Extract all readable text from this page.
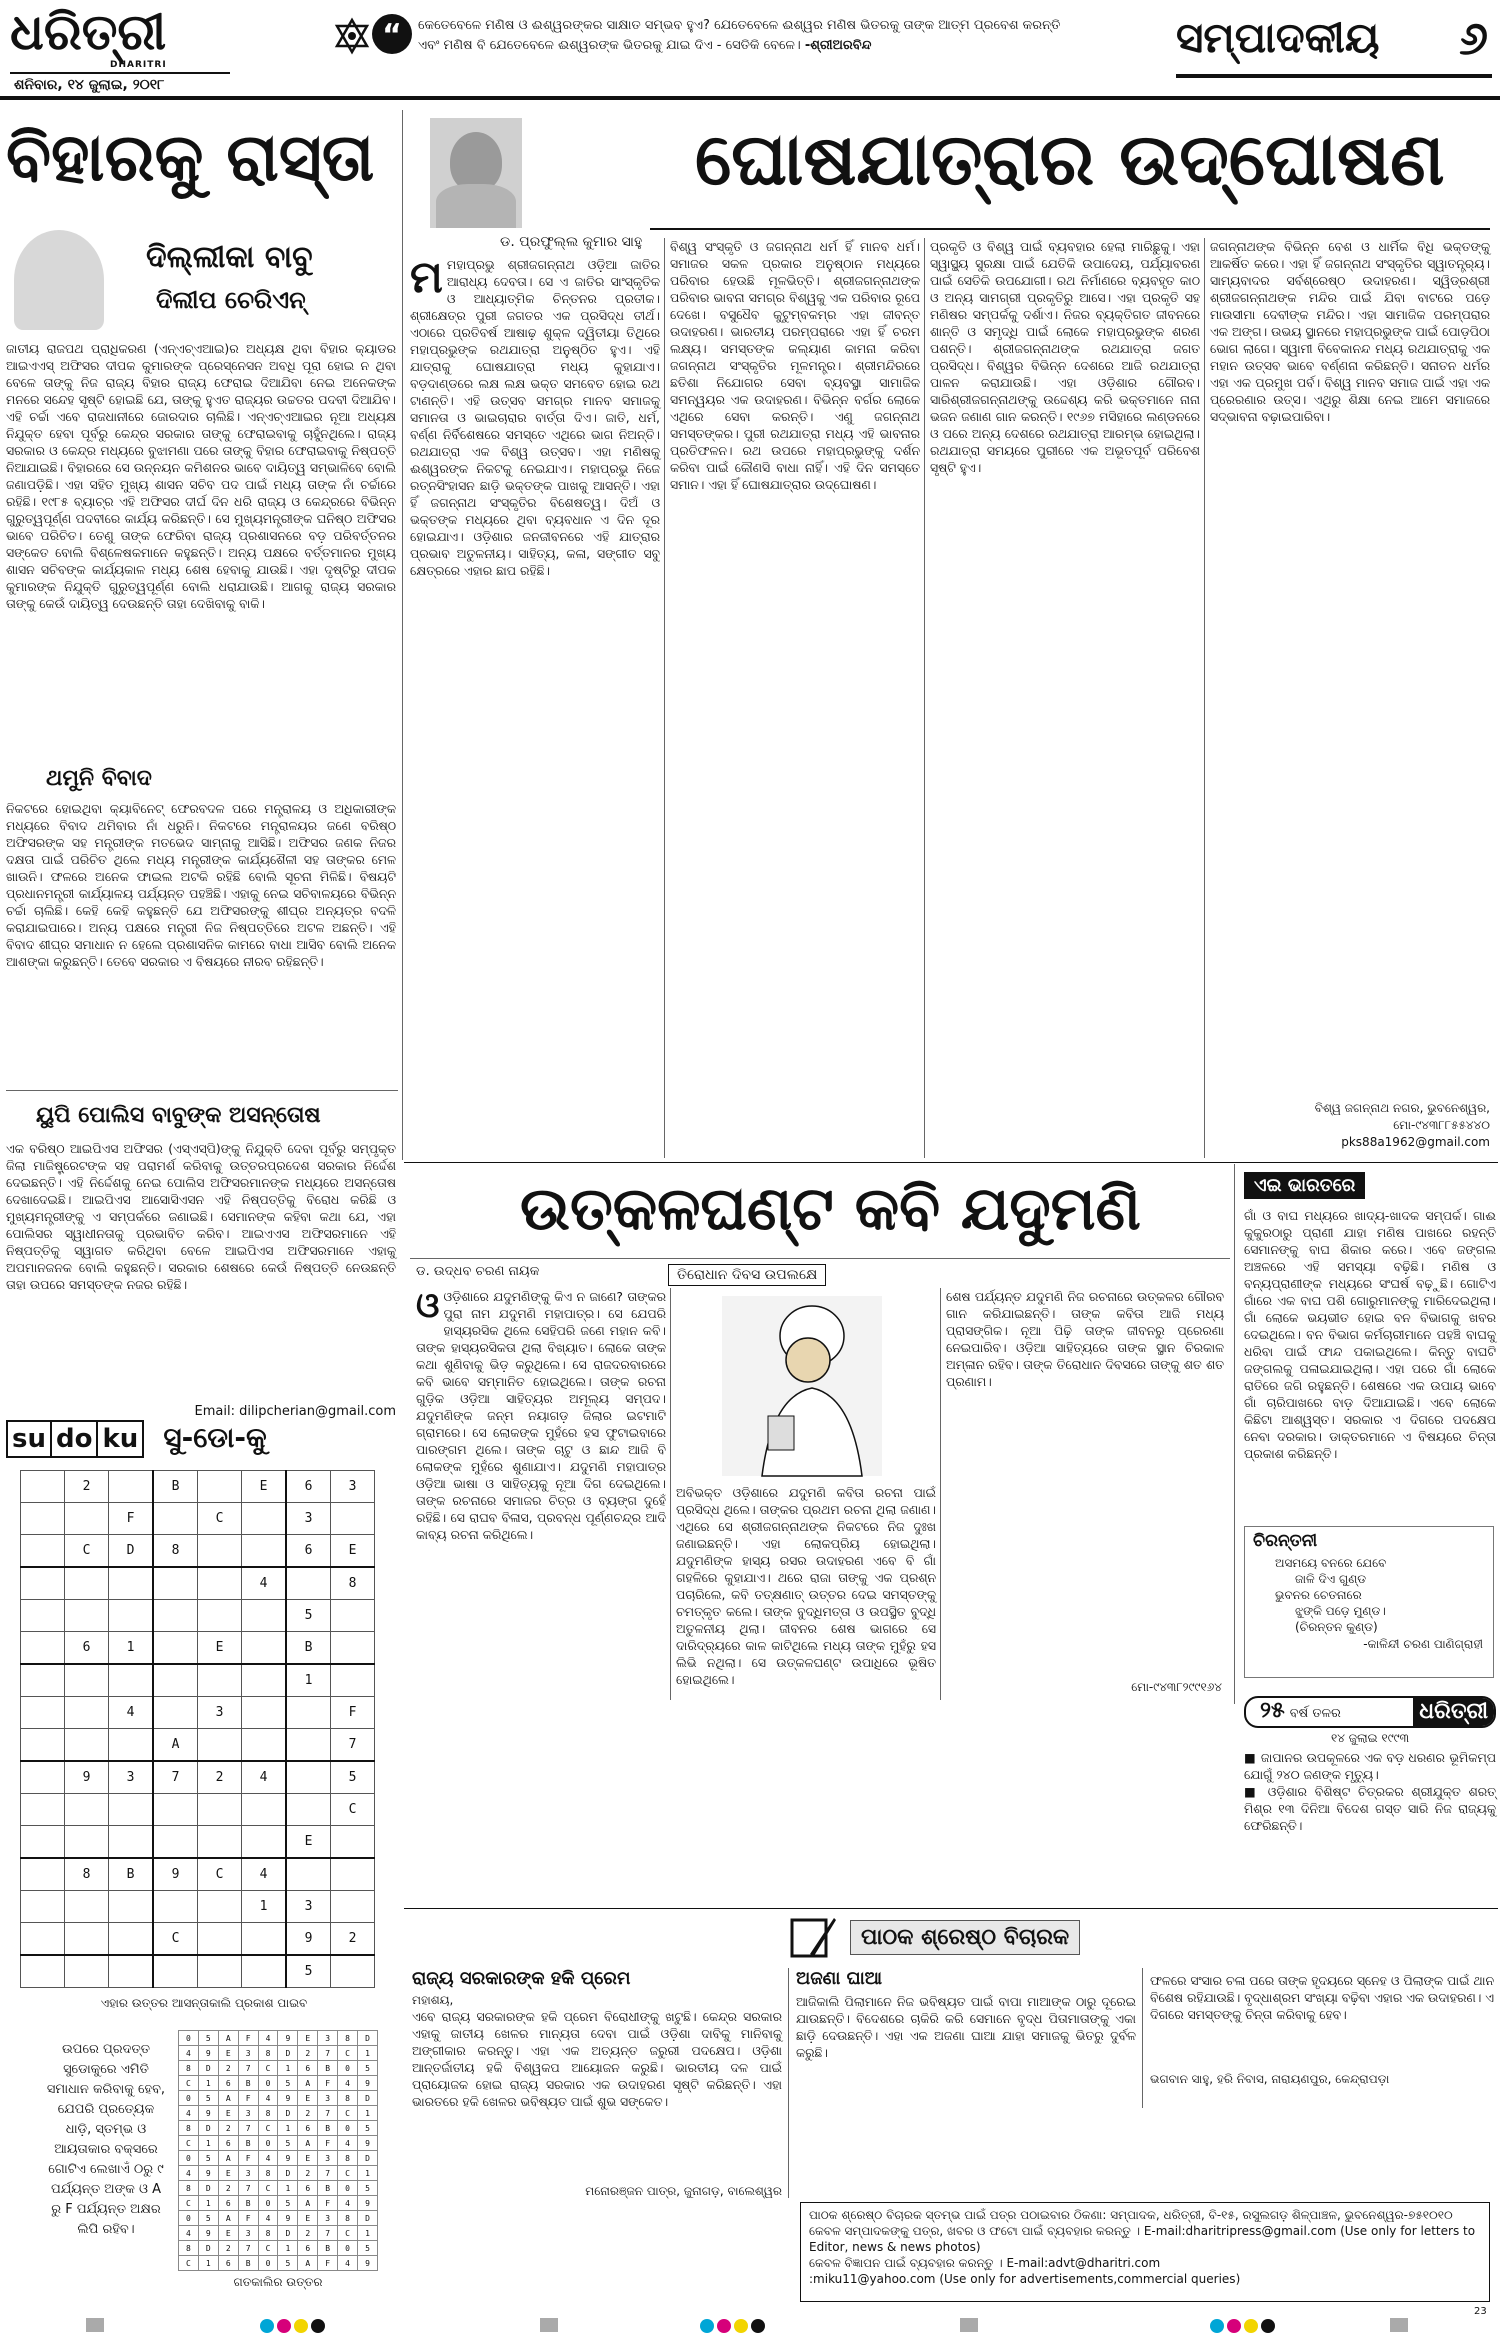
ଧରିତ୍ରୀ
DHARITRI
ଶନିବାର, ୧୪ ଜୁଲାଇ, ୨୦୧୮
“	କେତେବେଳେ ମଣିଷ ଓ ଈଶ୍ୱରଙ୍କର ସାକ୍ଷାତ ସମ୍ଭବ ହୁଏ? ଯେତେବେଳେ ଈଶ୍ୱର ମଣିଷ ଭିତରକୁ ତାଙ୍କ ଆତ୍ମ ପ୍ରବେଶ କରନ୍ତି ଏବଂ ମଣିଷ ବି ଯେତେବେଳେ ଈଶ୍ୱରଙ୍କ ଭିତରକୁ ଯାଇ ଦିଏ - ସେତିକି ବେଳେ। -ଶ୍ରୀଅରବିନ୍ଦ	ସମ୍ପାଦକୀୟ ୬
ବିହାରକୁ ରାସ୍ତା
ଦିଲ୍ଲୀକା ବାବୁ
ଦିଲୀପ ଚେରିଏନ୍

ଜାତୀୟ ରାଜପଥ ପ୍ରାଧିକରଣ (ଏନ୍‌ଏଚ୍‌ଏଆଇ)ର ଅଧ୍ୟକ୍ଷ ଥିବା ବିହାର କ୍ୟାଡର ଆଇଏଏସ୍ ଅଫିସର ଦୀପକ କୁମାରଙ୍କ ପ୍ରେସ୍‌ନେସନ ଅବଧି ପୂରା ହୋଇ ନ ଥିବା ବେଳେ ତାଙ୍କୁ ନିଜ ରାଜ୍ୟ ବିହାର ରାଜ୍ୟ ଫେରାଇ ଦିଆଯିବା ନେଇ ଅନେକଙ୍କ ମନରେ ସନ୍ଦେହ ସୃଷ୍ଟି ହୋଇଛି ଯେ, ତାଙ୍କୁ ହୁଏତ ରାଜ୍ୟର ଉଚ୍ଚତର ପଦବୀ ଦିଆଯିବ। ଏହି ଚର୍ଚ୍ଚା ଏବେ ରାଜଧାନୀରେ ଜୋରଦାର ଚାଲିଛି। ଏନ୍‌ଏଚ୍‌ଏଆଇର ନୂଆ ଅଧ୍ୟକ୍ଷ ନିଯୁକ୍ତ ହେବା ପୂର୍ବରୁ କେନ୍ଦ୍ର ସରକାର ତାଙ୍କୁ ଫେରାଇବାକୁ ଚାହୁଁନଥିଲେ। ରାଜ୍ୟ ସରକାର ଓ କେନ୍ଦ୍ର ମଧ୍ୟରେ ବୁଝାମଣା ପରେ ତାଙ୍କୁ ବିହାର ଫେରାଇବାକୁ ନିଷ୍ପତ୍ତି ନିଆଯାଇଛି। ବିହାରରେ ସେ ଉନ୍ନୟନ କମିଶନର ଭାବେ ଦାୟିତ୍ୱ ସମ୍ଭାଳିବେ ବୋଲି ଜଣାପଡ଼ିଛି। ଏହା ସହିତ ମୁଖ୍ୟ ଶାସନ ସଚିବ ପଦ ପାଇଁ ମଧ୍ୟ ତାଙ୍କ ନାଁ ଚର୍ଚ୍ଚାରେ ରହିଛି। ୧୯୮୫ ବ୍ୟାଚ୍‌ର ଏହି ଅଫିସର ଦୀର୍ଘ ଦିନ ଧରି ରାଜ୍ୟ ଓ କେନ୍ଦ୍ରରେ ବିଭିନ୍ନ ଗୁରୁତ୍ୱପୂର୍ଣ୍ଣ ପଦବୀରେ କାର୍ଯ୍ୟ କରିଛନ୍ତି। ସେ ମୁଖ୍ୟମନ୍ତ୍ରୀଙ୍କ ଘନିଷ୍ଠ ଅଫିସର ଭାବେ ପରିଚିତ। ତେଣୁ ତାଙ୍କ ଫେରିବା ରାଜ୍ୟ ପ୍ରଶାସନରେ ବଡ଼ ପରିବର୍ତ୍ତନର ସଙ୍କେତ ବୋଲି ବିଶ୍ଳେଷକମାନେ କହୁଛନ୍ତି। ଅନ୍ୟ ପକ୍ଷରେ ବର୍ତ୍ତମାନର ମୁଖ୍ୟ ଶାସନ ସଚିବଙ୍କ କାର୍ଯ୍ୟକାଳ ମଧ୍ୟ ଶେଷ ହେବାକୁ ଯାଉଛି। ଏହା ଦୃଷ୍ଟିରୁ ଦୀପକ କୁମାରଙ୍କ ନିଯୁକ୍ତି ଗୁରୁତ୍ୱପୂର୍ଣ୍ଣ ବୋଲି ଧରାଯାଉଛି। ଆଗକୁ ରାଜ୍ୟ ସରକାର ତାଙ୍କୁ କେଉଁ ଦାୟିତ୍ୱ ଦେଉଛନ୍ତି ତାହା ଦେଖିବାକୁ ବାକି।

ଥମୁନି ବିବାଦ

ନିକଟରେ ହୋଇଥିବା କ୍ୟାବିନେଟ୍ ଫେରବଦଳ ପରେ ମନ୍ତ୍ରାଳୟ ଓ ଅଧିକାରୀଙ୍କ ମଧ୍ୟରେ ବିବାଦ ଥମିବାର ନାଁ ଧରୁନି। ନିକଟରେ ମନ୍ତ୍ରାଳୟର ଜଣେ ବରିଷ୍ଠ ଅଫିସରଙ୍କ ସହ ମନ୍ତ୍ରୀଙ୍କ ମତଭେଦ ସାମ୍ନାକୁ ଆସିଛି। ଅଫିସର ଜଣକ ନିଜର ଦକ୍ଷତା ପାଇଁ ପରିଚିତ ଥିଲେ ମଧ୍ୟ ମନ୍ତ୍ରୀଙ୍କ କାର୍ଯ୍ୟଶୈଳୀ ସହ ତାଙ୍କର ମେଳ ଖାଉନି। ଫଳରେ ଅନେକ ଫାଇଲ ଅଟକି ରହିଛି ବୋଲି ସୂଚନା ମିଳିଛି। ବିଷୟଟି ପ୍ରଧାନମନ୍ତ୍ରୀ କାର୍ଯ୍ୟାଳୟ ପର୍ଯ୍ୟନ୍ତ ପହଞ୍ଚିଛି। ଏହାକୁ ନେଇ ସଚିବାଳୟରେ ବିଭିନ୍ନ ଚର୍ଚ୍ଚା ଚାଲିଛି। କେହି କେହି କହୁଛନ୍ତି ଯେ ଅଫିସରଙ୍କୁ ଶୀଘ୍ର ଅନ୍ୟତ୍ର ବଦଳି କରାଯାଇପାରେ। ଅନ୍ୟ ପକ୍ଷରେ ମନ୍ତ୍ରୀ ନିଜ ନିଷ୍ପତ୍ତିରେ ଅଟଳ ଅଛନ୍ତି। ଏହି ବିବାଦ ଶୀଘ୍ର ସମାଧାନ ନ ହେଲେ ପ୍ରଶାସନିକ କାମରେ ବାଧା ଆସିବ ବୋଲି ଅନେକ ଆଶଙ୍କା କରୁଛନ୍ତି। ତେବେ ସରକାର ଏ ବିଷୟରେ ନୀରବ ରହିଛନ୍ତି।

ୟୁପି ପୋଲିସ ବାବୁଙ୍କ ଅସନ୍ତୋଷ

ଏକ ବରିଷ୍ଠ ଆଇପିଏସ ଅଫିସର (ଏସ୍‌ଏସ୍‌ପି)ଙ୍କୁ ନିଯୁକ୍ତି ଦେବା ପୂର୍ବରୁ ସମ୍ପୃକ୍ତ ଜିଲା ମାଜିଷ୍ଟ୍ରେଟଙ୍କ ସହ ପରାମର୍ଶ କରିବାକୁ ଉତ୍ତରପ୍ରଦେଶ ସରକାର ନିର୍ଦ୍ଦେଶ ଦେଇଛନ୍ତି। ଏହି ନିର୍ଦ୍ଦେଶକୁ ନେଇ ପୋଲିସ ଅଫିସରମାନଙ୍କ ମଧ୍ୟରେ ଅସନ୍ତୋଷ ଦେଖାଦେଇଛି। ଆଇପିଏସ ଆସୋସିଏସନ ଏହି ନିଷ୍ପତ୍ତିକୁ ବିରୋଧ କରିଛି ଓ ମୁଖ୍ୟମନ୍ତ୍ରୀଙ୍କୁ ଏ ସମ୍ପର୍କରେ ଜଣାଇଛି। ସେମାନଙ୍କ କହିବା କଥା ଯେ, ଏହା ପୋଲିସର ସ୍ୱାଧୀନତାକୁ ପ୍ରଭାବିତ କରିବ। ଆଇଏଏସ ଅଫିସରମାନେ ଏହି ନିଷ୍ପତ୍ତିକୁ ସ୍ୱାଗତ କରିଥିବା ବେଳେ ଆଇପିଏସ ଅଫିସରମାନେ ଏହାକୁ ଅପମାନଜନକ ବୋଲି କହୁଛନ୍ତି। ସରକାର ଶେଷରେ କେଉଁ ନିଷ୍ପତ୍ତି ନେଉଛନ୍ତି ତାହା ଉପରେ ସମସ୍ତଙ୍କ ନଜର ରହିଛି।

Email: dilipcherian@gmail.com
su do ku ସୁ-ଡୋ-କୁ
	2		B		E	6	3
		F		C		3	
	C	D	8			6	E
					4		8
						5	
	6	1		E		B	
						1	
		4		3			F
			A				7
	9	3	7	2	4		5
							C
						E	
	8	B	9	C	4		
					1	3	
			C			9	2
						5	
ଏହାର ଉତ୍ତର ଆସନ୍ତାକାଲି ପ୍ରକାଶ ପାଇବ
ଉପରେ ପ୍ରଦତ୍ତ ସୁଡୋକୁରେ ଏମିତି ସମାଧାନ କରିବାକୁ ହେବ, ଯେପରି ପ୍ରତ୍ୟେକ ଧାଡ଼ି, ସ୍ତମ୍ଭ ଓ ଆୟତାକାର ବକ୍ସରେ ଗୋଟିଏ ଲେଖାଏଁ ୦ରୁ ୯ ପର୍ଯ୍ୟନ୍ତ ଅଙ୍କ ଓ A ରୁ F ପର୍ଯ୍ୟନ୍ତ ଅକ୍ଷର ଲିପି ରହିବ।
0	5	A	F	4	9	E	3	8	D
4	9	E	3	8	D	2	7	C	1
8	D	2	7	C	1	6	B	0	5
C	1	6	B	0	5	A	F	4	9
0	5	A	F	4	9	E	3	8	D
4	9	E	3	8	D	2	7	C	1
8	D	2	7	C	1	6	B	0	5
C	1	6	B	0	5	A	F	4	9
0	5	A	F	4	9	E	3	8	D
4	9	E	3	8	D	2	7	C	1
8	D	2	7	C	1	6	B	0	5
C	1	6	B	0	5	A	F	4	9
0	5	A	F	4	9	E	3	8	D
4	9	E	3	8	D	2	7	C	1
8	D	2	7	C	1	6	B	0	5
C	1	6	B	0	5	A	F	4	9
ଗତକାଲିର ଉତ୍ତର
ଡ. ପ୍ରଫୁଲ୍ଲ କୁମାର ସାହୁ
ଘୋଷଯାତ୍ରାର ଉଦ୍‌ଘୋଷଣ
ମ ମହାପ୍ରଭୁ ଶ୍ରୀଜଗନ୍ନାଥ ଓଡ଼ିଆ ଜାତିର ଆରାଧ୍ୟ ଦେବତା। ସେ ଏ ଜାତିର ସାଂସ୍କୃତିକ ଓ ଆଧ୍ୟାତ୍ମିକ ଚିନ୍ତନର ପ୍ରତୀକ। ଶ୍ରୀକ୍ଷେତ୍ର ପୁରୀ ଜଗତର ଏକ ପ୍ରସିଦ୍ଧ ତୀର୍ଥ। ଏଠାରେ ପ୍ରତିବର୍ଷ ଆଷାଢ଼ ଶୁକ୍ଳ ଦ୍ୱିତୀୟା ତିଥିରେ ମହାପ୍ରଭୁଙ୍କ ରଥଯାତ୍ରା ଅନୁଷ୍ଠିତ ହୁଏ। ଏହି ଯାତ୍ରାକୁ ଘୋଷଯାତ୍ରା ମଧ୍ୟ କୁହାଯାଏ। ବଡ଼ଦାଣ୍ଡରେ ଲକ୍ଷ ଲକ୍ଷ ଭକ୍ତ ସମବେତ ହୋଇ ରଥ ଟାଣନ୍ତି। ଏହି ଉତ୍ସବ ସମଗ୍ର ମାନବ ସମାଜକୁ ସମାନତା ଓ ଭାଇଚାରାର ବାର୍ତ୍ତା ଦିଏ। ଜାତି, ଧର୍ମ, ବର୍ଣ୍ଣ ନିର୍ବିଶେଷରେ ସମସ୍ତେ ଏଥିରେ ଭାଗ ନିଅନ୍ତି। ରଥଯାତ୍ରା ଏକ ବିଶ୍ୱ ଉତ୍ସବ। ଏହା ମଣିଷକୁ ଈଶ୍ୱରଙ୍କ ନିକଟକୁ ନେଇଯାଏ। ମହାପ୍ରଭୁ ନିଜେ ରତ୍ନସିଂହାସନ ଛାଡ଼ି ଭକ୍ତଙ୍କ ପାଖକୁ ଆସନ୍ତି। ଏହା ହିଁ ଜଗନ୍ନାଥ ସଂସ୍କୃତିର ବିଶେଷତ୍ୱ। ଦିଅଁ ଓ ଭକ୍ତଙ୍କ ମଧ୍ୟରେ ଥିବା ବ୍ୟବଧାନ ଏ ଦିନ ଦୂର ହୋଇଯାଏ। ଓଡ଼ିଶାର ଜନଜୀବନରେ ଏହି ଯାତ୍ରାର ପ୍ରଭାବ ଅତୁଳନୀୟ। ସାହିତ୍ୟ, କଳା, ସଙ୍ଗୀତ ସବୁ କ୍ଷେତ୍ରରେ ଏହାର ଛାପ ରହିଛି।

ବିଶ୍ୱ ସଂସ୍କୃତି ଓ ଜଗନ୍ନାଥ ଧର୍ମ ହିଁ ମାନବ ଧର୍ମ। ସମାଜର ସକଳ ପ୍ରକାର ଅନୁଷ୍ଠାନ ମଧ୍ୟରେ ପରିବାର ହେଉଛି ମୂଳଭିତ୍ତି। ଶ୍ରୀଜଗନ୍ନାଥଙ୍କ ପରିବାର ଭାବନା ସମଗ୍ର ବିଶ୍ୱକୁ ଏକ ପରିବାର ରୂପେ ଦେଖେ। ବସୁଧୈବ କୁଟୁମ୍ବକମ୍‌ର ଏହା ଜୀବନ୍ତ ଉଦାହରଣ। ଭାରତୀୟ ପରମ୍ପରାରେ ଏହା ହିଁ ଚରମ ଲକ୍ଷ୍ୟ। ସମସ୍ତଙ୍କ କଲ୍ୟାଣ କାମନା କରିବା ଜଗନ୍ନାଥ ସଂସ୍କୃତିର ମୂଳମନ୍ତ୍ର। ଶ୍ରୀମନ୍ଦିରରେ ଛତିଶା ନିଯୋଗର ସେବା ବ୍ୟବସ୍ଥା ସାମାଜିକ ସମନ୍ୱୟର ଏକ ଉଦାହରଣ। ବିଭିନ୍ନ ବର୍ଗର ଲୋକେ ଏଥିରେ ସେବା କରନ୍ତି। ଏଣୁ ଜଗନ୍ନାଥ ସମସ୍ତଙ୍କର। ପୁରୀ ରଥଯାତ୍ରା ମଧ୍ୟ ଏହି ଭାବନାର ପ୍ରତିଫଳନ। ରଥ ଉପରେ ମହାପ୍ରଭୁଙ୍କୁ ଦର୍ଶନ କରିବା ପାଇଁ କୌଣସି ବାଧା ନାହିଁ। ଏହି ଦିନ ସମସ୍ତେ ସମାନ। ଏହା ହିଁ ଘୋଷଯାତ୍ରାର ଉଦ୍‌ଘୋଷଣ।

ପ୍ରକୃତି ଓ ବିଶ୍ୱ ପାଇଁ ବ୍ୟବହାର ହେଲା ମାରିଛୁକୁ। ଏହା ସ୍ୱାସ୍ଥ୍ୟ ସୁରକ୍ଷା ପାଇଁ ଯେତିକି ଉପାଦେୟ, ପର୍ଯ୍ୟାବରଣ ପାଇଁ ସେତିକି ଉପଯୋଗୀ। ରଥ ନିର୍ମାଣରେ ବ୍ୟବହୃତ କାଠ ଓ ଅନ୍ୟ ସାମଗ୍ରୀ ପ୍ରକୃତିରୁ ଆସେ। ଏହା ପ୍ରକୃତି ସହ ମଣିଷର ସମ୍ପର୍କକୁ ଦର୍ଶାଏ। ନିଜର ବ୍ୟକ୍ତିଗତ ଜୀବନରେ ଶାନ୍ତି ଓ ସମୃଦ୍ଧି ପାଇଁ ଲୋକେ ମହାପ୍ରଭୁଙ୍କ ଶରଣ ପଶନ୍ତି। ଶ୍ରୀଜଗନ୍ନାଥଙ୍କ ରଥଯାତ୍ରା ଜଗତ ପ୍ରସିଦ୍ଧ। ବିଶ୍ୱର ବିଭିନ୍ନ ଦେଶରେ ଆଜି ରଥଯାତ୍ରା ପାଳନ କରାଯାଉଛି। ଏହା ଓଡ଼ିଶାର ଗୌରବ। ସାରିଶ୍ରୀଜଗନ୍ନାଥଙ୍କୁ ଉଦ୍ଦେଶ୍ୟ କରି ଭକ୍ତମାନେ ନାନା ଭଜନ ଜଣାଣ ଗାନ କରନ୍ତି। ୧୯୬୭ ମସିହାରେ ଲଣ୍ଡନରେ ଓ ପରେ ଅନ୍ୟ ଦେଶରେ ରଥଯାତ୍ରା ଆରମ୍ଭ ହୋଇଥିଲା। ରଥଯାତ୍ରା ସମୟରେ ପୁରୀରେ ଏକ ଅଭୂତପୂର୍ବ ପରିବେଶ ସୃଷ୍ଟି ହୁଏ।

ଜଗନ୍ନାଥଙ୍କ ବିଭିନ୍ନ ବେଶ ଓ ଧାର୍ମିକ ବିଧି ଭକ୍ତଙ୍କୁ ଆକର୍ଷିତ କରେ। ଏହା ହିଁ ଜଗନ୍ନାଥ ସଂସ୍କୃତିର ସ୍ୱାତନ୍ତ୍ର୍ୟ। ସାମ୍ୟବାଦର ସର୍ବଶ୍ରେଷ୍ଠ ଉଦାହରଣ। ସ୍ୱିଡ୍ରଶ୍ରୀ ଶ୍ରୀଜଗନ୍ନାଥଙ୍କ ମନ୍ଦିର ପାଇଁ ଯିବା ବାଟରେ ପଡ଼େ ମାଉସୀମା ଦେବୀଙ୍କ ମନ୍ଦିର। ଏହା ସାମାଜିକ ପରମ୍ପରାର ଏକ ଅଙ୍ଗ। ଉଭୟ ସ୍ଥାନରେ ମହାପ୍ରଭୁଙ୍କ ପାଇଁ ପୋଡ଼ପିଠା ଭୋଗ ଲାଗେ। ସ୍ୱାମୀ ବିବେକାନନ୍ଦ ମଧ୍ୟ ରଥଯାତ୍ରାକୁ ଏକ ମହାନ ଉତ୍ସବ ଭାବେ ବର୍ଣ୍ଣନା କରିଛନ୍ତି। ସନାତନ ଧର୍ମର ଏହା ଏକ ପ୍ରମୁଖ ପର୍ବ। ବିଶ୍ୱ ମାନବ ସମାଜ ପାଇଁ ଏହା ଏକ ପ୍ରେରଣାର ଉତ୍ସ। ଏଥିରୁ ଶିକ୍ଷା ନେଇ ଆମେ ସମାଜରେ ସଦ୍‌ଭାବନା ବଢ଼ାଇପାରିବା।

ବିଶ୍ୱ ଜଗନ୍ନାଥ ନଗର, ଭୁବନେଶ୍ୱର,
ମୋ-୯୪୩୮୮୫୫୪୪୦
pks88a1962@gmail.com
ଉତ୍କଳଘଣ୍ଟ କବି ଯଦୁମଣି
ଡ. ଉଦ୍ଧବ ଚରଣ ନାୟକ	ତିରୋଧାନ ଦିବସ ଉପଲକ୍ଷେ
ଓ ଓଡ଼ିଶାରେ ଯଦୁମଣିଙ୍କୁ କିଏ ନ ଜାଣେ? ତାଙ୍କର ପୁରା ନାମ ଯଦୁମଣି ମହାପାତ୍ର। ସେ ଯେପରି ହାସ୍ୟରସିକ ଥିଲେ ସେହିପରି ଜଣେ ମହାନ କବି। ତାଙ୍କ ହାସ୍ୟରସିକତା ଥିଲା ବିଖ୍ୟାତ। ଲୋକେ ତାଙ୍କ କଥା ଶୁଣିବାକୁ ଭିଡ଼ କରୁଥିଲେ। ସେ ରାଜଦରବାରରେ କବି ଭାବେ ସମ୍ମାନିତ ହୋଇଥିଲେ। ତାଙ୍କ ରଚନା ଗୁଡ଼ିକ ଓଡ଼ିଆ ସାହିତ୍ୟର ଅମୂଲ୍ୟ ସମ୍ପଦ। ଯଦୁମଣିଙ୍କ ଜନ୍ମ ନୟାଗଡ଼ ଜିଲାର ଇଟମାଟି ଗ୍ରାମରେ। ସେ ଲୋକଙ୍କ ମୁହଁରେ ହସ ଫୁଟାଇବାରେ ପାରଙ୍ଗମ ଥିଲେ। ତାଙ୍କ ଚାଟୁ ଓ ଛାନ୍ଦ ଆଜି ବି ଲୋକଙ୍କ ମୁହଁରେ ଶୁଣାଯାଏ। ଯଦୁମଣି ମହାପାତ୍ର ଓଡ଼ିଆ ଭାଷା ଓ ସାହିତ୍ୟକୁ ନୂଆ ଦିଗ ଦେଇଥିଲେ। ତାଙ୍କ ରଚନାରେ ସମାଜର ଚିତ୍ର ଓ ବ୍ୟଙ୍ଗ ଦୁହେଁ ରହିଛି। ସେ ରାଘବ ବିଳାସ, ପ୍ରବନ୍ଧ ପୂର୍ଣ୍ଣଚନ୍ଦ୍ର ଆଦି କାବ୍ୟ ରଚନା କରିଥିଲେ।

ଅବିଭକ୍ତ ଓଡ଼ିଶାରେ ଯଦୁମଣି କବିତା ରଚନା ପାଇଁ ପ୍ରସିଦ୍ଧ ଥିଲେ। ତାଙ୍କର ପ୍ରଥମ ରଚନା ଥିଲା ଜଣାଣ। ଏଥିରେ ସେ ଶ୍ରୀଜଗନ୍ନାଥଙ୍କ ନିକଟରେ ନିଜ ଦୁଃଖ ଜଣାଇଛନ୍ତି। ଏହା ଲୋକପ୍ରିୟ ହୋଇଥିଲା। ଯଦୁମଣିଙ୍କ ହାସ୍ୟ ରସର ଉଦାହରଣ ଏବେ ବି ଗାଁ ଗହଳିରେ କୁହାଯାଏ। ଥରେ ରାଜା ତାଙ୍କୁ ଏକ ପ୍ରଶ୍ନ ପଚାରିଲେ, କବି ତତ୍କ୍ଷଣାତ୍ ଉତ୍ତର ଦେଇ ସମସ୍ତଙ୍କୁ ଚମତ୍କୃତ କଲେ। ତାଙ୍କ ବୁଦ୍ଧିମତ୍ତା ଓ ଉପସ୍ଥିତ ବୁଦ୍ଧି ଅତୁଳନୀୟ ଥିଲା। ଜୀବନର ଶେଷ ଭାଗରେ ସେ ଦାରିଦ୍ର୍ୟରେ କାଳ କାଟିଥିଲେ ମଧ୍ୟ ତାଙ୍କ ମୁହଁରୁ ହସ ଲିଭି ନଥିଲା। ସେ ଉତ୍କଳଘଣ୍ଟ ଉପାଧିରେ ଭୂଷିତ ହୋଇଥିଲେ।

ଶେଷ ପର୍ଯ୍ୟନ୍ତ ଯଦୁମଣି ନିଜ ରଚନାରେ ଉତ୍କଳର ଗୌରବ ଗାନ କରିଯାଇଛନ୍ତି। ତାଙ୍କ କବିତା ଆଜି ମଧ୍ୟ ପ୍ରାସଙ୍ଗିକ। ନୂଆ ପିଢ଼ି ତାଙ୍କ ଜୀବନରୁ ପ୍ରେରଣା ନେଇପାରିବ। ଓଡ଼ିଆ ସାହିତ୍ୟରେ ତାଙ୍କ ସ୍ଥାନ ଚିରକାଳ ଅମ୍ଳାନ ରହିବ। ତାଙ୍କ ତିରୋଧାନ ଦିବସରେ ତାଙ୍କୁ ଶତ ଶତ ପ୍ରଣାମ।

ମୋ-୯୪୩୮୨୯୯୧୬୪
ଏଇ ଭାରତରେ
ଗାଁ ଓ ବାଘ ମଧ୍ୟରେ ଖାଦ୍ୟ-ଖାଦକ ସମ୍ପର୍କ। ଗାଈ କୁକୁରଠାରୁ ପ୍ରାଣୀ ଯାହା ମଣିଷ ପାଖରେ ରହନ୍ତି ସେମାନଙ୍କୁ ବାଘ ଶିକାର କରେ। ଏବେ ଜଙ୍ଗଲ ଅଞ୍ଚଳରେ ଏହି ସମସ୍ୟା ବଢ଼ିଛି। ମଣିଷ ଓ ବନ୍ୟପ୍ରାଣୀଙ୍କ ମଧ୍ୟରେ ସଂଘର୍ଷ ବଢ଼ୁଛି। ଗୋଟିଏ ଗାଁରେ ଏକ ବାଘ ପଶି ଗୋରୁମାନଙ୍କୁ ମାରିଦେଇଥିଲା। ଗାଁ ଲୋକେ ଭୟଭୀତ ହୋଇ ବନ ବିଭାଗକୁ ଖବର ଦେଇଥିଲେ। ବନ ବିଭାଗ କର୍ମଚାରୀମାନେ ପହଞ୍ଚି ବାଘକୁ ଧରିବା ପାଇଁ ଫାନ୍ଦ ପକାଇଥିଲେ। କିନ୍ତୁ ବାଘଟି ଜଙ୍ଗଲକୁ ପଳାଇଯାଇଥିଲା। ଏହା ପରେ ଗାଁ ଲୋକେ ରାତିରେ ଜଗି ରହୁଛନ୍ତି। ଶେଷରେ ଏକ ଉପାୟ ଭାବେ ଗାଁ ଚାରିପାଖରେ ବାଡ଼ ଦିଆଯାଇଛି। ଏବେ ଲୋକେ କିଛିଟା ଆଶ୍ୱସ୍ତ। ସରକାର ଏ ଦିଗରେ ପଦକ୍ଷେପ ନେବା ଦରକାର। ଡାକ୍ତରମାନେ ଏ ବିଷୟରେ ଚିନ୍ତା ପ୍ରକାଶ କରିଛନ୍ତି।
ଚିରନ୍ତନୀ
ଅସମୟେ ବନରେ ଯେବେ
ଜାଳି ଦିଏ ଗୁଣ୍ଡ
ଭୁବନର ଚେତନାରେ
ଝୁଙ୍କି ପଡ଼େ ମୁଣ୍ଡ।
(ଚିରନ୍ତନ କୁଣ୍ଡ)
-କାଳିନ୍ଦୀ ଚରଣ ପାଣିଗ୍ରାହୀ
୨୫ ବର୍ଷ ତଳର	ଧରିତ୍ରୀ
୧୪ ଜୁଲାଇ ୧୯୯୩
■ ଜାପାନର ଉପକୂଳରେ ଏକ ବଡ଼ ଧରଣର ଭୂମିକମ୍ପ ଯୋଗୁଁ ୨୪୦ ଜଣଙ୍କ ମୃତ୍ୟୁ।
■ ଓଡ଼ିଶାର ବିଶିଷ୍ଟ ଚିତ୍ରକର ଶ୍ରୀଯୁକ୍ତ ଶରତ୍ ମିଶ୍ର ୧୩ ଦିନିଆ ବିଦେଶ ଗସ୍ତ ସାରି ନିଜ ରାଜ୍ୟକୁ ଫେରିଛନ୍ତି।
ପାଠକ ଶ୍ରେଷ୍ଠ ବିଚାରକ
ରାଜ୍ୟ ସରକାରଙ୍କ ହକି ପ୍ରେମ
ମହାଶୟ,
ଏବେ ରାଜ୍ୟ ସରକାରଙ୍କ ହକି ପ୍ରେମ ବିରୋଧୀଙ୍କୁ ଖଟୁଛି। କେନ୍ଦ୍ର ସରକାର ଏହାକୁ ଜାତୀୟ ଖେଳର ମାନ୍ୟତା ଦେବା ପାଇଁ ଓଡ଼ିଶା ଦାବିକୁ ମାନିବାକୁ ଅଙ୍ଗୀକାର କରନ୍ତୁ। ଏହା ଏକ ଅତ୍ୟନ୍ତ ଜରୁରୀ ପଦକ୍ଷେପ। ଓଡ଼ିଶା ଆନ୍ତର୍ଜାତୀୟ ହକି ବିଶ୍ୱକପ ଆୟୋଜନ କରୁଛି। ଭାରତୀୟ ଦଳ ପାଇଁ ପ୍ରାୟୋଜକ ହୋଇ ରାଜ୍ୟ ସରକାର ଏକ ଉଦାହରଣ ସୃଷ୍ଟି କରିଛନ୍ତି। ଏହା ଭାରତରେ ହକି ଖେଳର ଭବିଷ୍ୟତ ପାଇଁ ଶୁଭ ସଙ୍କେତ।
ମନୋରଞ୍ଜନ ପାତ୍ର, ଜୁନାଗଡ଼, ବାଲେଶ୍ୱର
ଅଜଣା ଘାଆ
ଆଜିକାଲି ପିଲାମାନେ ନିଜ ଭବିଷ୍ୟତ ପାଇଁ ବାପା ମାଆଙ୍କ ଠାରୁ ଦୂରେଇ ଯାଉଛନ୍ତି। ବିଦେଶରେ ଚାକିରି କରି ସେମାନେ ବୃଦ୍ଧ ପିତାମାତାଙ୍କୁ ଏକା ଛାଡ଼ି ଦେଉଛନ୍ତି। ଏହା ଏକ ଅଜଣା ଘାଆ ଯାହା ସମାଜକୁ ଭିତରୁ ଦୁର୍ବଳ କରୁଛି।
ଫଳରେ ସଂସାର ଚଳା ପରେ ତାଙ୍କ ହୃଦୟରେ ସ୍ନେହ ଓ ପିଲାଙ୍କ ପାଇଁ ଥାନ ବିଶେଷ ରହିଯାଉଛି। ବୃଦ୍ଧାଶ୍ରମ ସଂଖ୍ୟା ବଢ଼ିବା ଏହାର ଏକ ଉଦାହରଣ। ଏ ଦିଗରେ ସମସ୍ତଙ୍କୁ ଚିନ୍ତା କରିବାକୁ ହେବ।
ଭଗବାନ ସାହୁ, ହରି ନିବାସ, ନାରାୟଣପୁର, କେନ୍ଦ୍ରାପଡ଼ା
ପାଠକ ଶ୍ରେଷ୍ଠ ବିଚାରକ ସ୍ତମ୍ଭ ପାଇଁ ପତ୍ର ପଠାଇବାର ଠିକଣା: ସମ୍ପାଦକ, ଧରିତ୍ରୀ, ବି-୧୫, ରସୁଲଗଡ଼ ଶିଳ୍ପାଞ୍ଚଳ, ଭୁବନେଶ୍ୱର-୭୫୧୦୧୦
କେବଳ ସମ୍ପାଦକଙ୍କୁ ପତ୍ର, ଖବର ଓ ଫଟୋ ପାଇଁ ବ୍ୟବହାର କରନ୍ତୁ । E-mail:dharitripress@gmail.com (Use only for letters to Editor, news & news photos)
କେବଳ ବିଜ୍ଞାପନ ପାଇଁ ବ୍ୟବହାର କରନ୍ତୁ । E-mail:advt@dharitri.com
:miku11@yahoo.com (Use only for advertisements,commercial queries)
23
